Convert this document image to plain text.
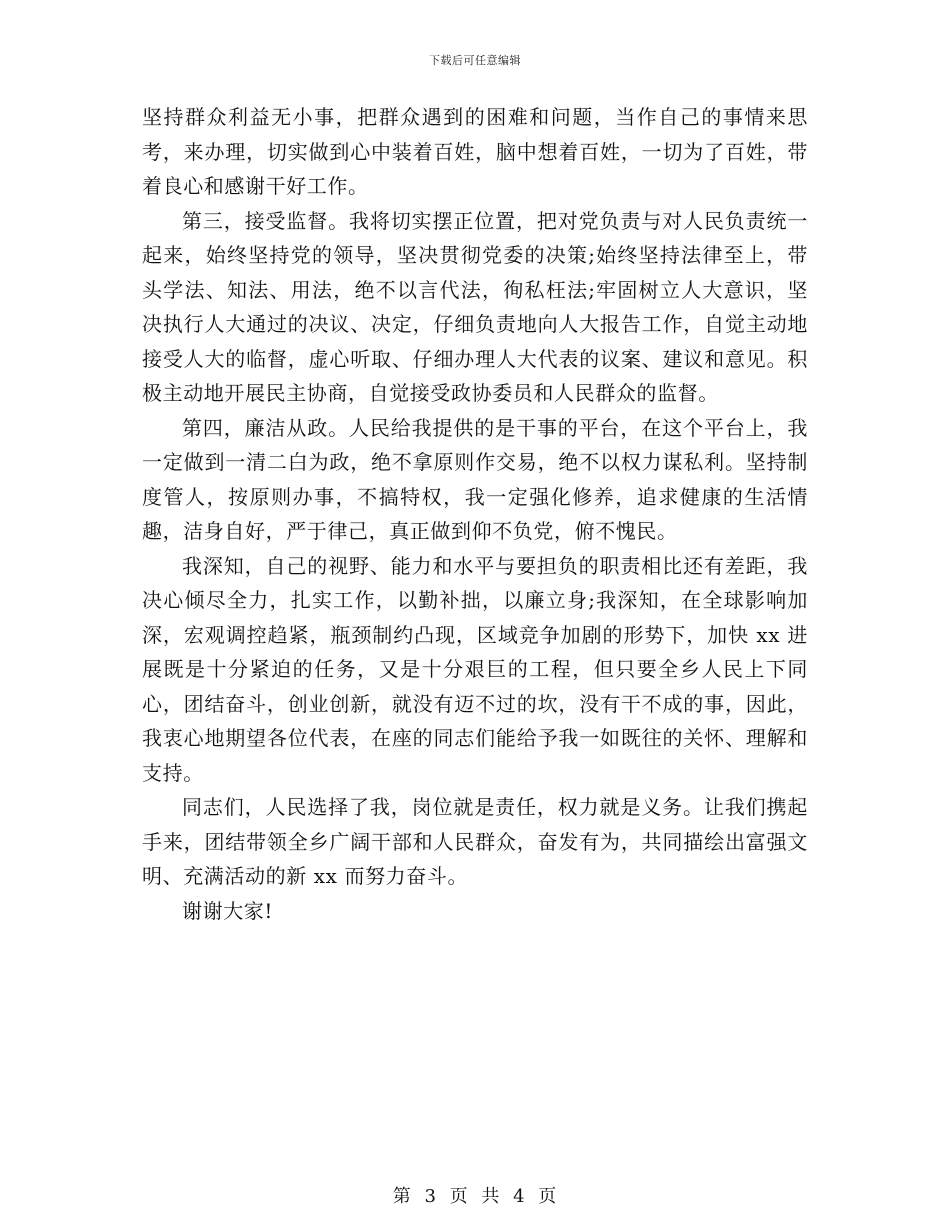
下载后可任意编辑

坚持群众利益无小事，把群众遇到的困难和问题，当作自己的事情来思考，来办理，切实做到心中装着百姓，脑中想着百姓，一切为了百姓，带着良心和感谢干好工作。

第三，接受监督。我将切实摆正位置，把对党负责与对人民负责统一起来，始终坚持党的领导，坚决贯彻党委的决策;始终坚持法律至上，带头学法、知法、用法，绝不以言代法，徇私枉法;牢固树立人大意识，坚决执行人大通过的决议、决定，仔细负责地向人大报告工作，自觉主动地接受人大的临督，虚心听取、仔细办理人大代表的议案、建议和意见。积极主动地开展民主协商，自觉接受政协委员和人民群众的监督。

第四，廉洁从政。人民给我提供的是干事的平台，在这个平台上，我一定做到一清二白为政，绝不拿原则作交易，绝不以权力谋私利。坚持制度管人，按原则办事，不搞特权，我一定强化修养，追求健康的生活情趣，洁身自好，严于律己，真正做到仰不负党，俯不愧民。

我深知，自己的视野、能力和水平与要担负的职责相比还有差距，我决心倾尽全力，扎实工作，以勤补拙，以廉立身;我深知，在全球影响加深，宏观调控趋紧，瓶颈制约凸现，区域竞争加剧的形势下，加快 xx 进展既是十分紧迫的任务，又是十分艰巨的工程，但只要全乡人民上下同心，团结奋斗，创业创新，就没有迈不过的坎，没有干不成的事，因此，我衷心地期望各位代表，在座的同志们能给予我一如既往的关怀、理解和支持。

同志们，人民选择了我，岗位就是责任，权力就是义务。让我们携起手来，团结带领全乡广阔干部和人民群众，奋发有为，共同描绘出富强文明、充满活动的新 xx 而努力奋斗。

谢谢大家!

第 3 页 共 4 页
